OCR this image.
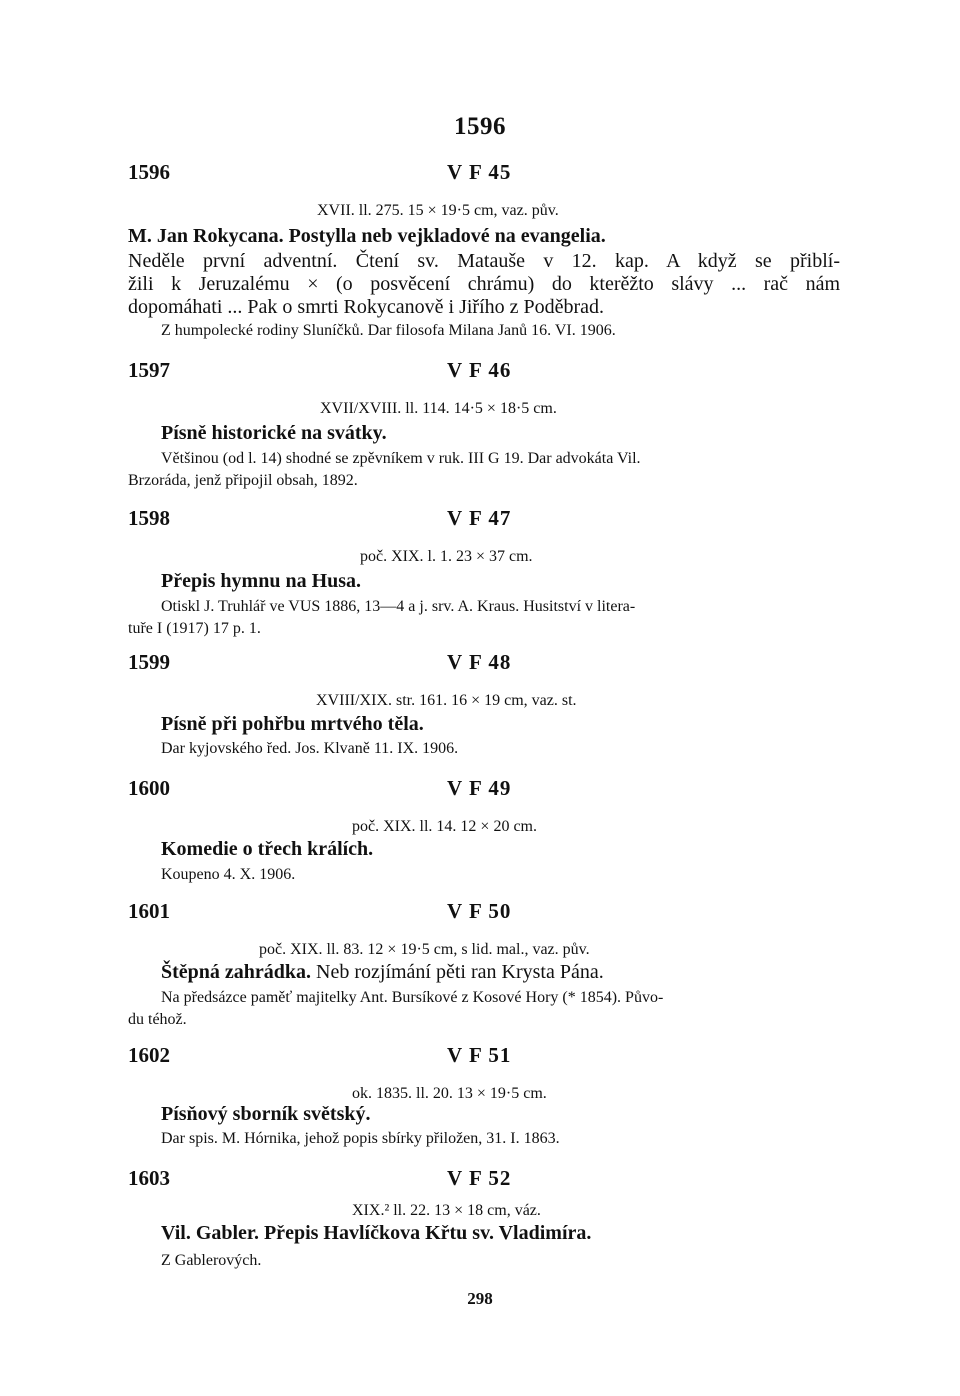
1596
1596	V F 45
XVII. ll. 275. 15 × 19·5 cm, vaz. pův.
M. Jan Rokycana. Postylla neb vejkladové na evangelia.
Neděle první adventní. Čtení sv. Mataušе v 12. kap. A když se přiblí-
žili k Jeruzalému × (o posvěcení chrámu) do kterěžto slávy ... rač nám
dopomáhati ... Pak o smrti Rokycanově i Jiřího z Poděbrad.
Z humpolecké rodiny Sluníčků. Dar filosofa Milana Janů 16. VI. 1906.
1597	V F 46
XVII/XVIII. ll. 114. 14·5 × 18·5 cm.
Písně historické na svátky.
Většinou (od l. 14) shodné se zpěvníkem v ruk. III G 19. Dar advokáta Vil.
Brzoráda, jenž připojil obsah, 1892.
1598	V F 47
poč. XIX. l. 1. 23 × 37 cm.
Přepis hymnu na Husa.
Otiskl J. Truhlář ve VUS 1886, 13—4 a j. srv. A. Kraus. Husitství v litera-
tuře I (1917) 17 p. 1.
1599	V F 48
XVIII/XIX. str. 161. 16 × 19 cm, vaz. st.
Písně při pohřbu mrtvého těla.
Dar kyjovského řed. Jos. Klvaně 11. IX. 1906.
1600	V F 49
poč. XIX. ll. 14. 12 × 20 cm.
Komedie o třech králích.
Koupeno 4. X. 1906.
1601	V F 50
poč. XIX. ll. 83. 12 × 19·5 cm, s lid. mal., vaz. pův.
Štěpná zahrádka. Neb rozjímání pěti ran Krysta Pána.
Na předsázce paměť majitelky Ant. Bursíkové z Kosové Hory (* 1854). Půvo-
du téhož.
1602	V F 51
ok. 1835. ll. 20. 13 × 19·5 cm.
Písňový sborník světský.
Dar spis. M. Hórnika, jehož popis sbírky přiložen, 31. I. 1863.
1603	V F 52
XIX.² ll. 22. 13 × 18 cm, váz.
Vil. Gabler. Přepis Havlíčkova Křtu sv. Vladimíra.
Z Gablerových.
298
